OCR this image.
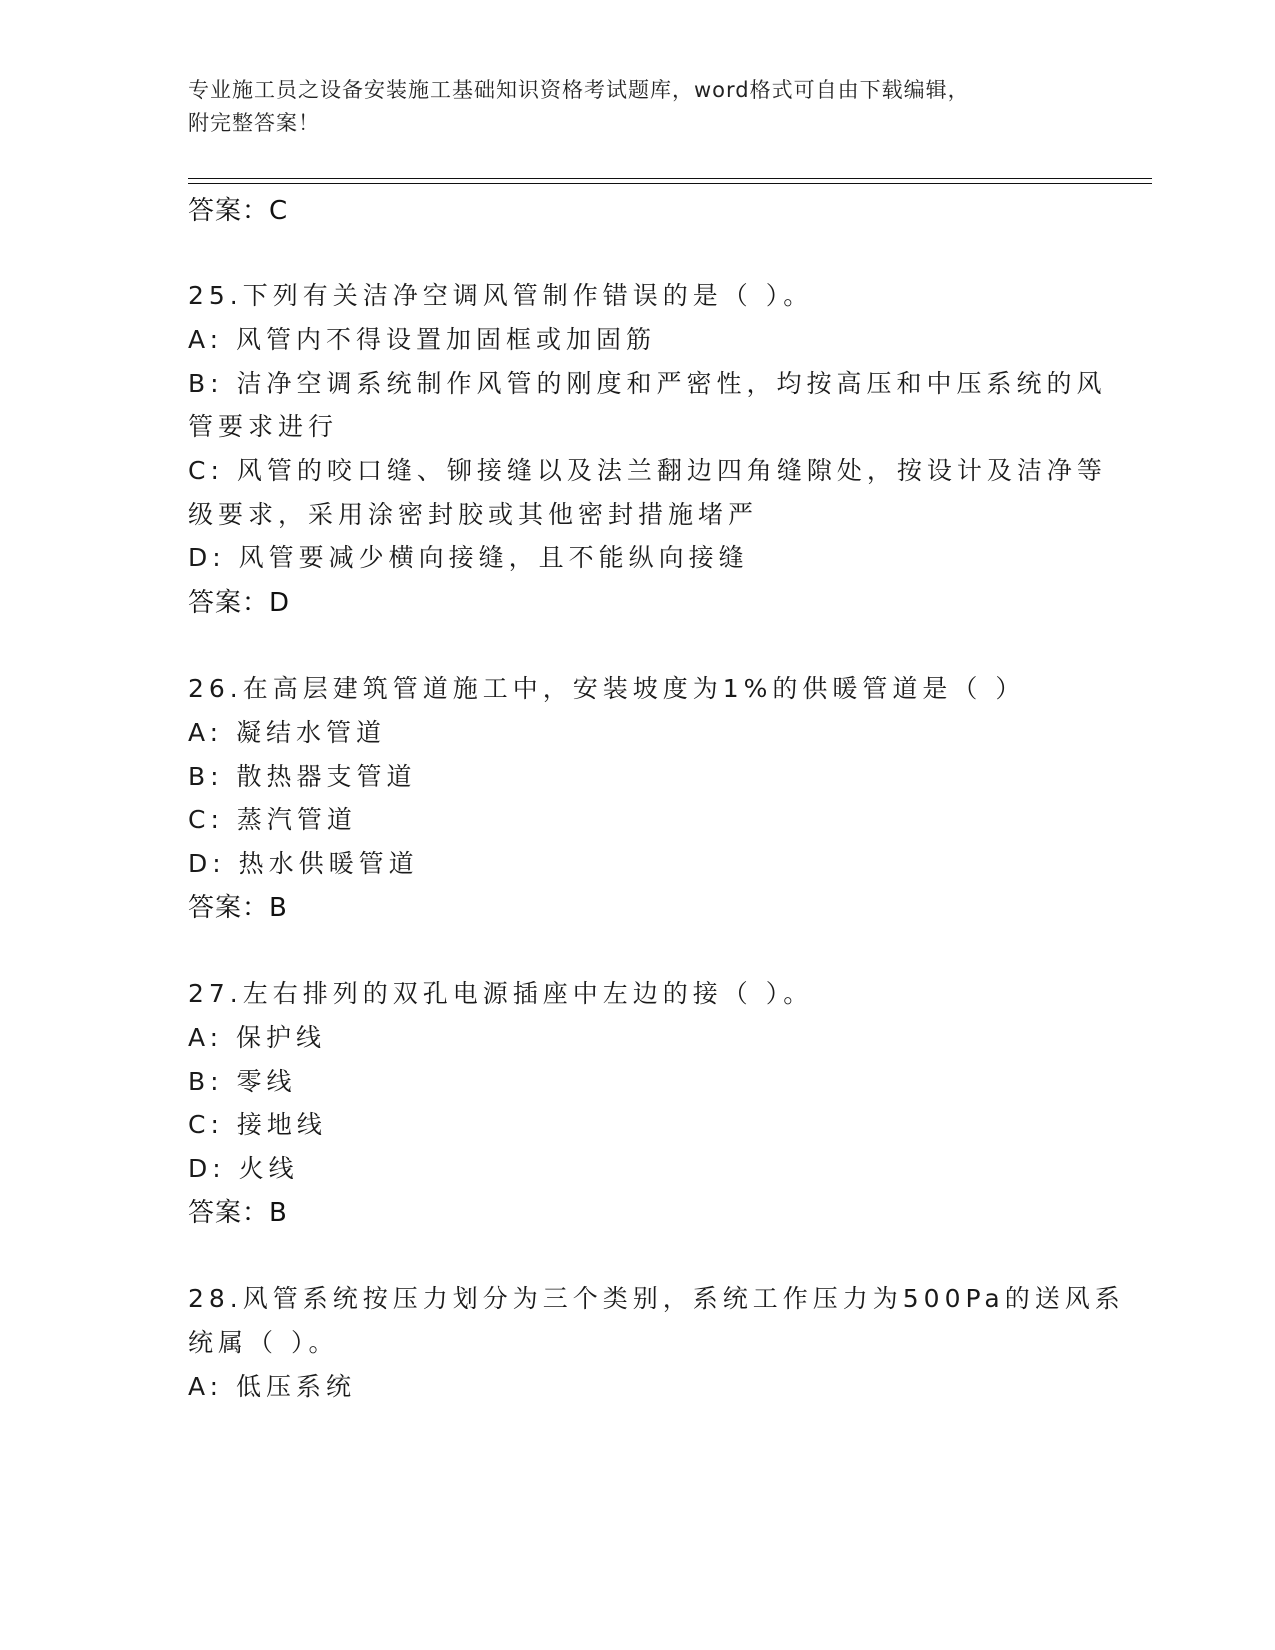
专业施工员之设备安装施工基础知识资格考试题库，word格式可自由下载编辑，
附完整答案！
答案：C
25.下列有关洁净空调风管制作错误的是（ ）。
A: 风管内不得设置加固框或加固筋
B: 洁净空调系统制作风管的刚度和严密性，均按高压和中压系统的风
管要求进行
C: 风管的咬口缝、铆接缝以及法兰翻边四角缝隙处，按设计及洁净等
级要求，采用涂密封胶或其他密封措施堵严
D: 风管要减少横向接缝，且不能纵向接缝
答案：D
26.在高层建筑管道施工中，安装坡度为1%的供暖管道是（ ）
A: 凝结水管道
B: 散热器支管道
C: 蒸汽管道
D: 热水供暖管道
答案：B
27.左右排列的双孔电源插座中左边的接（ ）。
A: 保护线
B: 零线
C: 接地线
D: 火线
答案：B
28.风管系统按压力划分为三个类别，系统工作压力为500Pa的送风系
统属（ ）。
A: 低压系统
